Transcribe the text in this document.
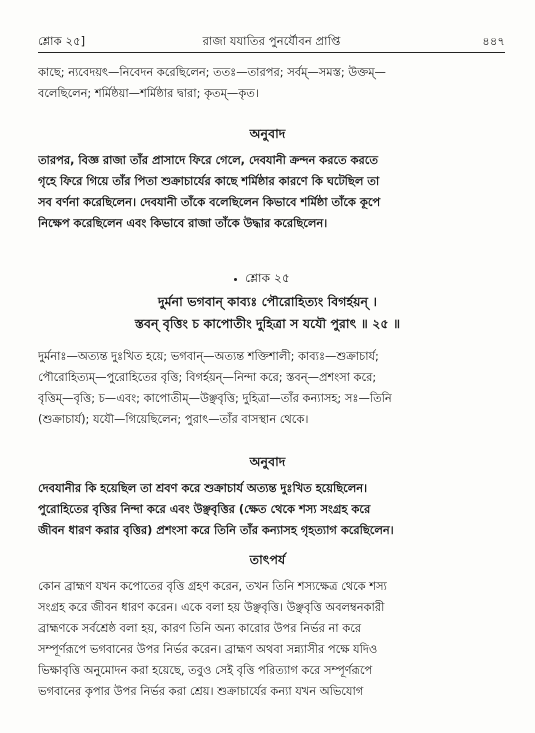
শ্লোক ২৫]	রাজা যযাতির পুনর্যৌবন প্রাপ্তি	৪৪৭
কাছে; ন্যবেদয়ৎ—নিবেদন করেছিলেন; ততঃ—তারপর; সর্বম্—সমস্ত; উক্তম্—
বলেছিলেন; শর্মিষ্ঠয়া—শর্মিষ্ঠার দ্বারা; কৃতম্—কৃত।
অনুবাদ
তারপর, বিজ্ঞ রাজা তাঁর প্রাসাদে ফিরে গেলে, দেবযানী ক্রন্দন করতে করতে
গৃহে ফিরে গিয়ে তাঁর পিতা শুক্রাচার্যের কাছে শর্মিষ্ঠার কারণে কি ঘটেছিল তা
সব বর্ণনা করেছিলেন। দেবযানী তাঁকে বলেছিলেন কিভাবে শর্মিষ্ঠা তাঁকে কূপে
নিক্ষেপ করেছিলেন এবং কিভাবে রাজা তাঁকে উদ্ধার করেছিলেন।
শ্লোক ২৫
দুর্মনা ভগবান্ কাব্যঃ পৌরোহিত্যং বিগর্হয়ন্ ।
স্তবন্ বৃত্তিং চ কাপোতীং দুহিত্রা স যযৌ পুরাৎ ॥ ২৫ ॥
দুর্মনাঃ—অত্যন্ত দুঃখিত হয়ে; ভগবান্—অত্যন্ত শক্তিশালী; কাব্যঃ—শুক্রাচার্য;
পৌরোহিত্যম্—পুরোহিতের বৃত্তি; বিগর্হয়ন্—নিন্দা করে; স্তবন্—প্রশংসা করে;
বৃত্তিম্—বৃত্তি; চ—এবং; কাপোতীম্—উঞ্ছবৃত্তি; দুহিত্রা—তাঁর কন্যাসহ; সঃ—তিনি
(শুক্রাচার্য); যযৌ—গিয়েছিলেন; পুরাৎ—তাঁর বাসস্থান থেকে।
অনুবাদ
দেবযানীর কি হয়েছিল তা শ্রবণ করে শুক্রাচার্য অত্যন্ত দুঃখিত হয়েছিলেন।
পুরোহিতের বৃত্তির নিন্দা করে এবং উঞ্ছবৃত্তির (ক্ষেত থেকে শস্য সংগ্রহ করে
জীবন ধারণ করার বৃত্তির) প্রশংসা করে তিনি তাঁর কন্যাসহ গৃহত্যাগ করেছিলেন।
তাৎপর্য
কোন ব্রাহ্মণ যখন কপোতের বৃত্তি গ্রহণ করেন, তখন তিনি শস্যক্ষেত্র থেকে শস্য
সংগ্রহ করে জীবন ধারণ করেন। একে বলা হয় উঞ্ছবৃত্তি। উঞ্ছবৃত্তি অবলম্বনকারী
ব্রাহ্মণকে সর্বশ্রেষ্ঠ বলা হয়, কারণ তিনি অন্য কারোর উপর নির্ভর না করে
সম্পূর্ণরূপে ভগবানের উপর নির্ভর করেন। ব্রাহ্মণ অথবা সন্ন্যাসীর পক্ষে যদিও
ভিক্ষাবৃত্তি অনুমোদন করা হয়েছে, তবুও সেই বৃত্তি পরিত্যাগ করে সম্পূর্ণরূপে
ভগবানের কৃপার উপর নির্ভর করা শ্রেয়। শুক্রাচার্যের কন্যা যখন অভিযোগ
